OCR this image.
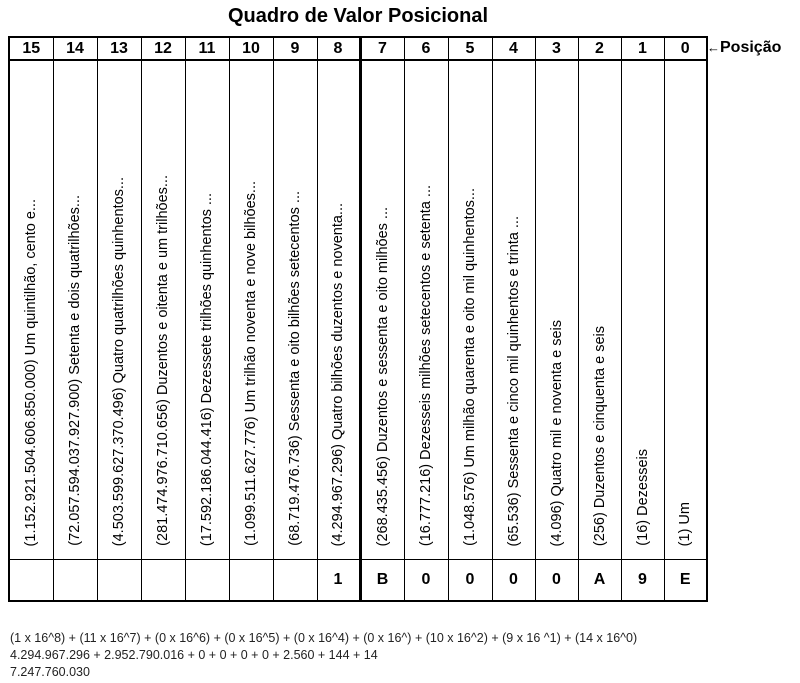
Quadro de Valor Posicional
15	14	13	12	11	10	9	8	7	6	5	4	3	2	1	0
(1.152.921.504.606.850.000) Um quintilhão, cento e...	(72.057.594.037.927.900) Setenta e dois quatrilhões...	(4.503.599.627.370.496) Quatro quatrilhões quinhentos...	(281.474.976.710.656) Duzentos e oitenta e um trilhões...	(17.592.186.044.416) Dezessete trilhões quinhentos ...	(1.099.511.627.776) Um trilhão noventa e nove bilhões...	(68.719.476.736) Sessenta e oito bilhões setecentos ...	(4.294.967.296) Quatro bilhões duzentos e noventa...	(268.435.456) Duzentos e sessenta e oito milhões ...	(16.777.216) Dezesseis milhões setecentos e setenta ...	(1.048.576) Um milhão quarenta e oito mil quinhentos...	(65.536) Sessenta e cinco mil quinhentos e trinta ...	(4.096) Quatro mil e noventa e seis	(256) Duzentos e cinquenta e seis	(16) Dezesseis	(1) Um
							1	B	0	0	0	0	A	9	E
←Posição
(1 x 16^8) + (11 x 16^7) + (0 x 16^6) + (0 x 16^5) + (0 x 16^4) + (0 x 16^) + (10 x 16^2) + (9 x 16 ^1) + (14 x 16^0)
4.294.967.296 + 2.952.790.016 + 0 + 0 + 0 + 0 + 2.560 + 144 + 14
7.247.760.030
